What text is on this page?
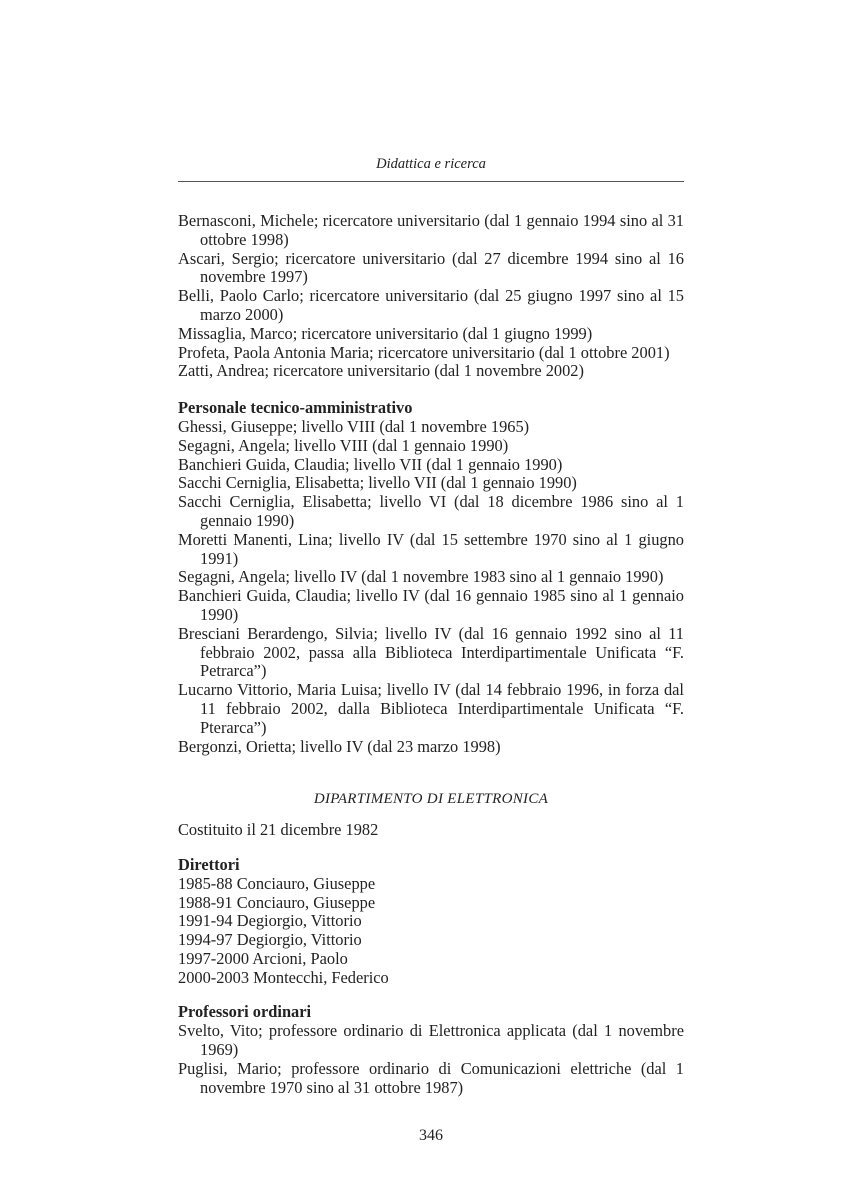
Didattica e ricerca
Bernasconi, Michele; ricercatore universitario (dal 1 gennaio 1994 sino al 31 ottobre 1998)
Ascari, Sergio; ricercatore universitario (dal 27 dicembre 1994 sino al 16 novembre 1997)
Belli, Paolo Carlo; ricercatore universitario (dal 25 giugno 1997 sino al 15 marzo 2000)
Missaglia, Marco; ricercatore universitario (dal 1 giugno 1999)
Profeta, Paola Antonia Maria; ricercatore universitario (dal 1 ottobre 2001)
Zatti, Andrea; ricercatore universitario (dal 1 novembre 2002)
Personale tecnico-amministrativo
Ghessi, Giuseppe; livello VIII (dal 1 novembre 1965)
Segagni, Angela; livello VIII (dal 1 gennaio 1990)
Banchieri Guida, Claudia; livello VII (dal 1 gennaio 1990)
Sacchi Cerniglia, Elisabetta; livello VII (dal 1 gennaio 1990)
Sacchi Cerniglia, Elisabetta; livello VI (dal 18 dicembre 1986 sino al 1 gennaio 1990)
Moretti Manenti, Lina; livello IV (dal 15 settembre 1970 sino al 1 giugno 1991)
Segagni, Angela; livello IV (dal 1 novembre 1983 sino al 1 gennaio 1990)
Banchieri Guida, Claudia; livello IV (dal 16 gennaio 1985 sino al 1 gennaio 1990)
Bresciani Berardengo, Silvia; livello IV (dal 16 gennaio 1992 sino al 11 febbraio 2002, passa alla Biblioteca Interdipartimentale Unificata “F. Petrarca”)
Lucarno Vittorio, Maria Luisa; livello IV (dal 14 febbraio 1996, in forza dal 11 febbraio 2002, dalla Biblioteca Interdipartimentale Unificata “F. Pterarca”)
Bergonzi, Orietta; livello IV (dal 23 marzo 1998)
DIPARTIMENTO DI ELETTRONICA
Costituito il 21 dicembre 1982
Direttori
1985-88 Conciauro, Giuseppe
1988-91 Conciauro, Giuseppe
1991-94 Degiorgio, Vittorio
1994-97 Degiorgio, Vittorio
1997-2000 Arcioni, Paolo
2000-2003 Montecchi, Federico
Professori ordinari
Svelto, Vito; professore ordinario di Elettronica applicata (dal 1 novembre 1969)
Puglisi, Mario; professore ordinario di Comunicazioni elettriche (dal 1 novembre 1970 sino al 31 ottobre 1987)
346
